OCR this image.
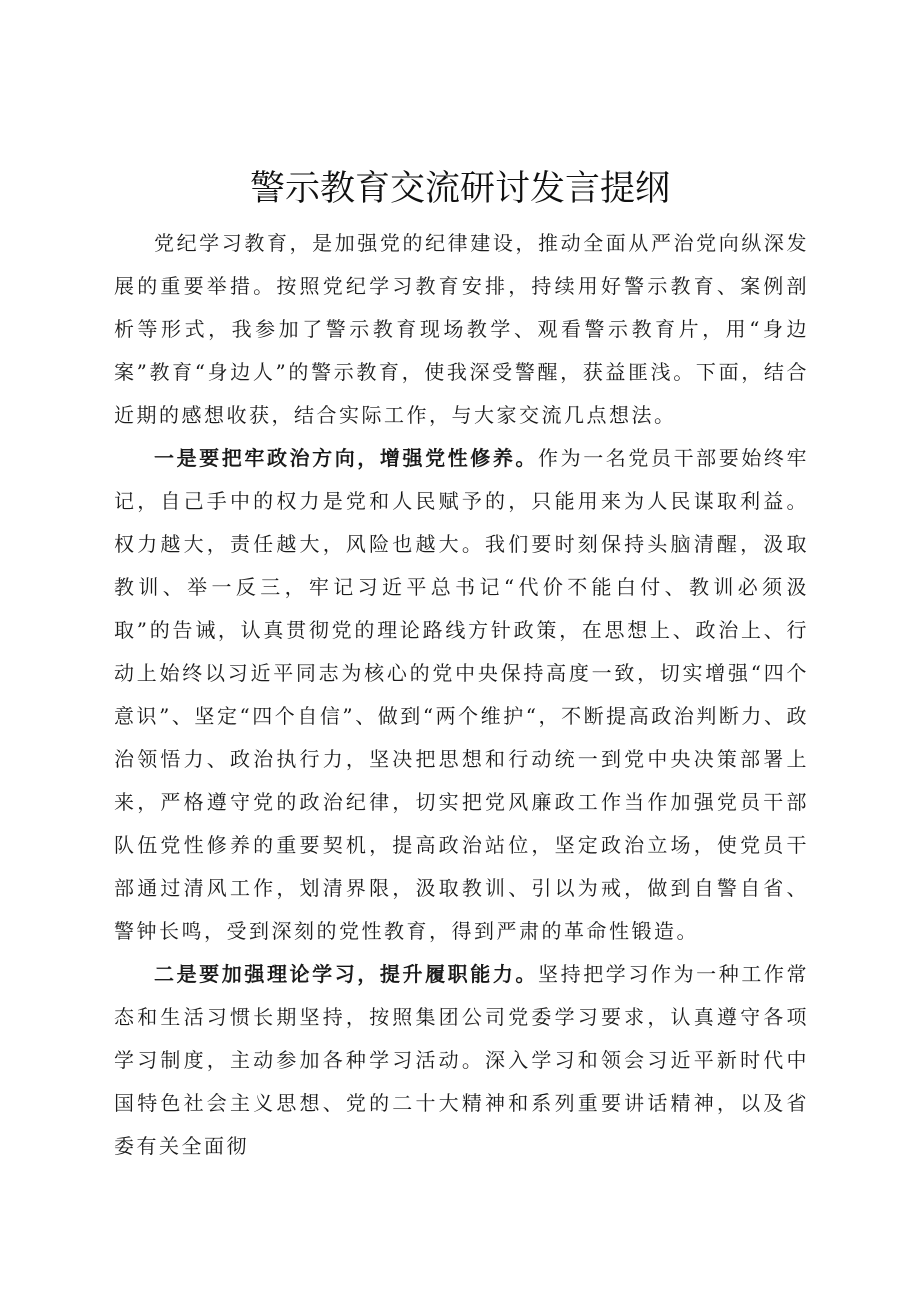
警示教育交流研讨发言提纲

党纪学习教育，是加强党的纪律建设，推动全面从严治党向纵深发展的重要举措。按照党纪学习教育安排，持续用好警示教育、案例剖析等形式，我参加了警示教育现场教学、观看警示教育片，用“身边案”教育“身边人”的警示教育，使我深受警醒，获益匪浅。下面，结合近期的感想收获，结合实际工作，与大家交流几点想法。

一是要把牢政治方向，增强党性修养。作为一名党员干部要始终牢记，自己手中的权力是党和人民赋予的，只能用来为人民谋取利益。权力越大，责任越大，风险也越大。我们要时刻保持头脑清醒，汲取教训、举一反三，牢记习近平总书记“代价不能白付、教训必须汲取”的告诫，认真贯彻党的理论路线方针政策，在思想上、政治上、行动上始终以习近平同志为核心的党中央保持高度一致，切实增强“四个意识”、坚定“四个自信”、做到“两个维护“，不断提高政治判断力、政治领悟力、政治执行力，坚决把思想和行动统一到党中央决策部署上来，严格遵守党的政治纪律，切实把党风廉政工作当作加强党员干部队伍党性修养的重要契机，提高政治站位，坚定政治立场，使党员干部通过清风工作，划清界限，汲取教训、引以为戒，做到自警自省、警钟长鸣，受到深刻的党性教育，得到严肃的革命性锻造。

二是要加强理论学习，提升履职能力。坚持把学习作为一种工作常态和生活习惯长期坚持，按照集团公司党委学习要求，认真遵守各项学习制度，主动参加各种学习活动。深入学习和领会习近平新时代中国特色社会主义思想、党的二十大精神和系列重要讲话精神，以及省委有关全面彻
